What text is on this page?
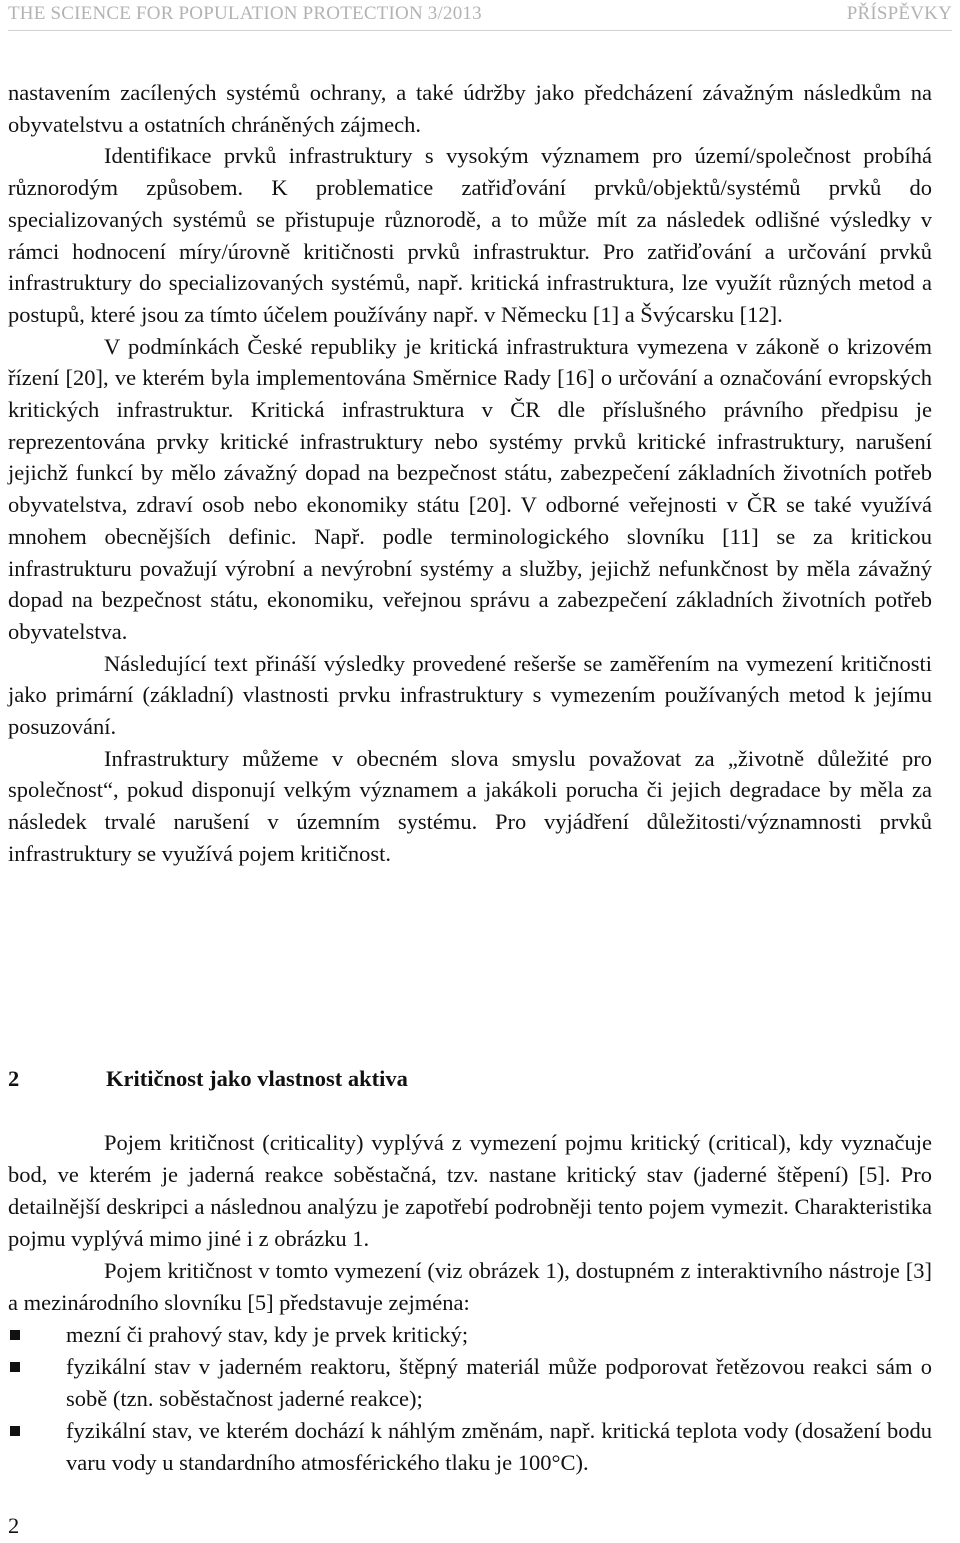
THE SCIENCE FOR POPULATION PROTECTION 3/2013	PŘÍSPĚVKY

nastavením zacílených systémů ochrany, a také údržby jako předcházení závažným následkům na obyvatelstvu a ostatních chráněných zájmech.

Identifikace prvků infrastruktury s vysokým významem pro území/společnost probíhá různorodým způsobem. K problematice zatřiďování prvků/objektů/systémů prvků do specializovaných systémů se přistupuje různorodě, a to může mít za následek odlišné výsledky v rámci hodnocení míry/úrovně kritičnosti prvků infrastruktur. Pro zatřiďování a určování prvků infrastruktury do specializovaných systémů, např. kritická infrastruktura, lze využít různých metod a postupů, které jsou za tímto účelem používány např. v Německu [1] a Švýcarsku [12].

V podmínkách České republiky je kritická infrastruktura vymezena v zákoně o krizovém řízení [20], ve kterém byla implementována Směrnice Rady [16] o určování a označování evropských kritických infrastruktur. Kritická infrastruktura v ČR dle příslušného právního předpisu je reprezentována prvky kritické infrastruktury nebo systémy prvků kritické infrastruktury, narušení jejichž funkcí by mělo závažný dopad na bezpečnost státu, zabezpečení základních životních potřeb obyvatelstva, zdraví osob nebo ekonomiky státu [20]. V odborné veřejnosti v ČR se také využívá mnohem obecnějších definic. Např. podle terminologického slovníku [11] se za kritickou infrastrukturu považují výrobní a nevýrobní systémy a služby, jejichž nefunkčnost by měla závažný dopad na bezpečnost státu, ekonomiku, veřejnou správu a zabezpečení základních životních potřeb obyvatelstva.

Následující text přináší výsledky provedené rešerše se zaměřením na vymezení kritičnosti jako primární (základní) vlastnosti prvku infrastruktury s vymezením používaných metod k jejímu posuzování.

Infrastruktury můžeme v obecném slova smyslu považovat za „životně důležité pro společnost“, pokud disponují velkým významem a jakákoli porucha či jejich degradace by měla za následek trvalé narušení v územním systému. Pro vyjádření důležitosti/významnosti prvků infrastruktury se využívá pojem kritičnost.

2	Kritičnost jako vlastnost aktiva

Pojem kritičnost (criticality) vyplývá z vymezení pojmu kritický (critical), kdy vyznačuje bod, ve kterém je jaderná reakce soběstačná, tzv. nastane kritický stav (jaderné štěpení) [5]. Pro detailnější deskripci a následnou analýzu je zapotřebí podrobněji tento pojem vymezit. Charakteristika pojmu vyplývá mimo jiné i z obrázku 1.

Pojem kritičnost v tomto vymezení (viz obrázek 1), dostupném z interaktivního nástroje [3] a mezinárodního slovníku [5] představuje zejména:

mezní či prahový stav, kdy je prvek kritický;
fyzikální stav v jaderném reaktoru, štěpný materiál může podporovat řetězovou reakci sám o sobě (tzn. soběstačnost jaderné reakce);
fyzikální stav, ve kterém dochází k náhlým změnám, např. kritická teplota vody (dosažení bodu varu vody u standardního atmosférického tlaku je 100°C).
2
